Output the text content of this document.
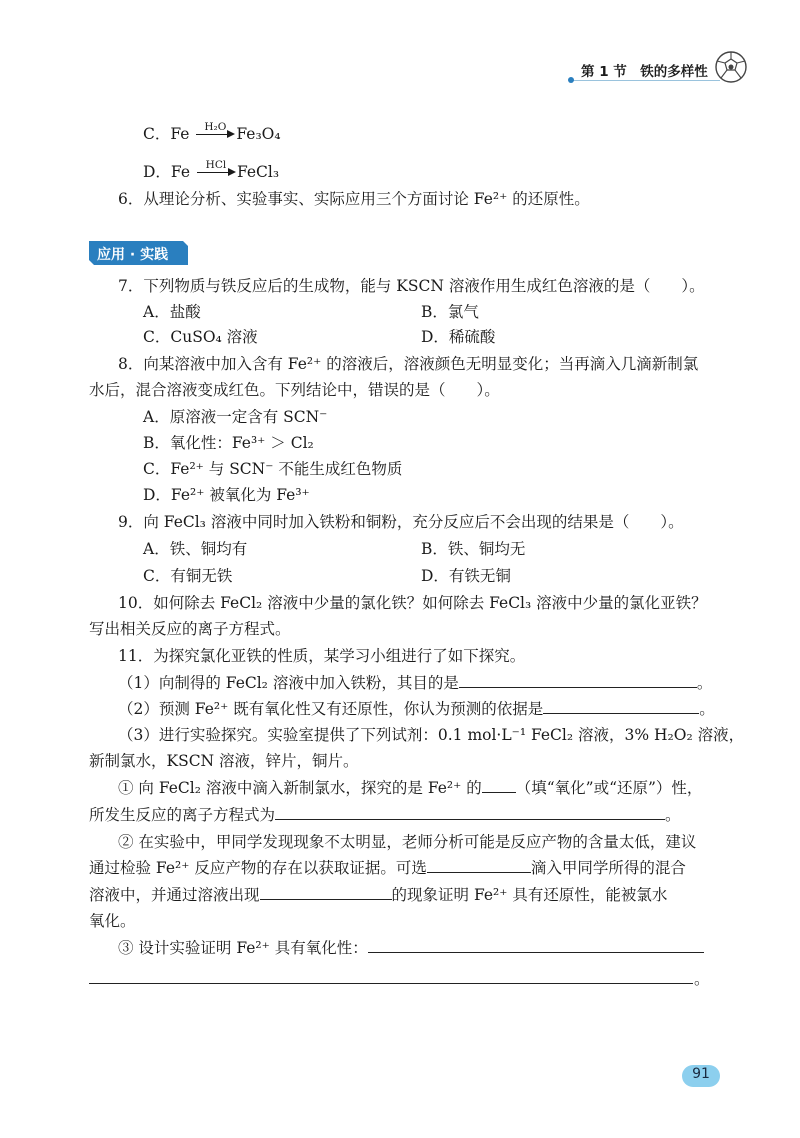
第 1 节　铁的多样性
C．Fe H₂O Fe₃O₄
D．Fe	HCl FeCl₃
6．从理论分析、实验事实、实际应用三个方面讨论 Fe²⁺ 的还原性。
应用 · 实践
7．下列物质与铁反应后的生成物，能与 KSCN 溶液作用生成红色溶液的是（　　）。
A．盐酸	B．氯气
C．CuSO₄ 溶液	D．稀硫酸
8．向某溶液中加入含有 Fe²⁺ 的溶液后，溶液颜色无明显变化；当再滴入几滴新制氯
水后，混合溶液变成红色。下列结论中，错误的是（　　）。
A．原溶液一定含有 SCN⁻
B．氧化性：Fe³⁺ ＞ Cl₂
C．Fe²⁺ 与 SCN⁻ 不能生成红色物质
D．Fe²⁺ 被氧化为 Fe³⁺
9．向 FeCl₃ 溶液中同时加入铁粉和铜粉，充分反应后不会出现的结果是（　　）。
A．铁、铜均有	B．铁、铜均无
C．有铜无铁	D．有铁无铜
10．如何除去 FeCl₂ 溶液中少量的氯化铁？如何除去 FeCl₃ 溶液中少量的氯化亚铁？
写出相关反应的离子方程式。
11．为探究氯化亚铁的性质，某学习小组进行了如下探究。
（1）向制得的 FeCl₂ 溶液中加入铁粉，其目的是	。
（2）预测 Fe²⁺ 既有氧化性又有还原性，你认为预测的依据是	。
（3）进行实验探究。实验室提供了下列试剂：0.1 mol·L⁻¹ FeCl₂ 溶液，3% H₂O₂ 溶液，
新制氯水，KSCN 溶液，锌片，铜片。
① 向 FeCl₂ 溶液中滴入新制氯水，探究的是 Fe²⁺ 的 （填“氧化”或“还原”）性，
所发生反应的离子方程式为	。
② 在实验中，甲同学发现现象不太明显，老师分析可能是反应产物的含量太低，建议
通过检验 Fe²⁺ 反应产物的存在以获取证据。可选	滴入甲同学所得的混合
溶液中，并通过溶液出现	的现象证明 Fe²⁺ 具有还原性，能被氯水
氧化。
③ 设计实验证明 Fe²⁺ 具有氧化性：
。
91
